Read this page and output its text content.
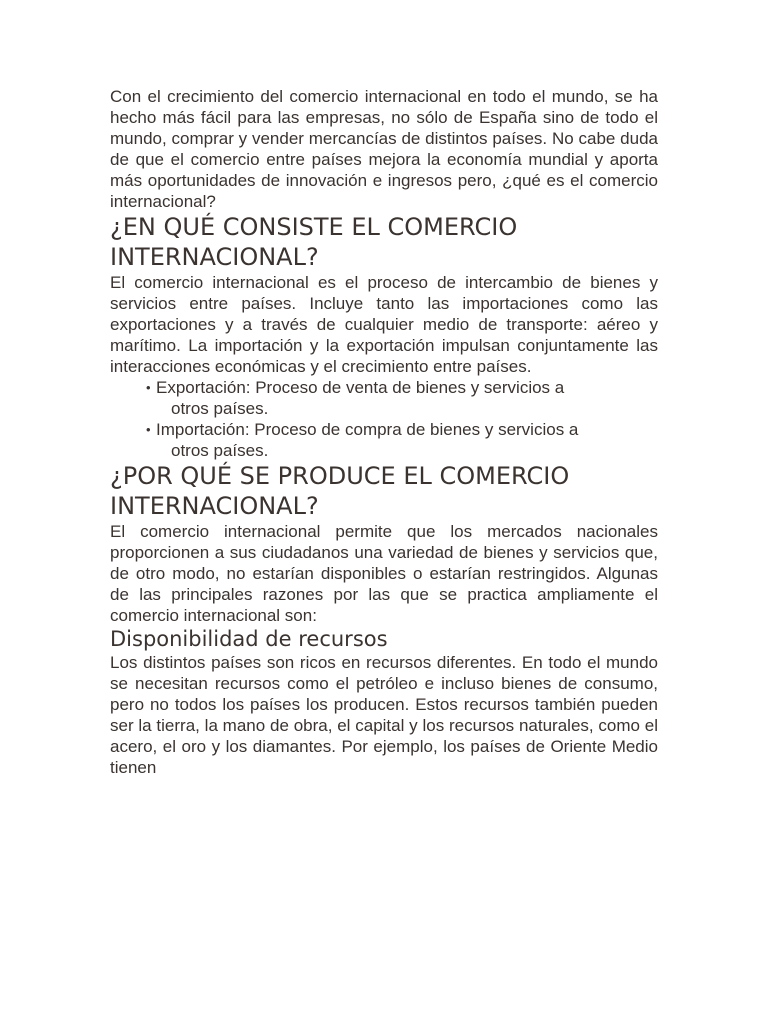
Con el crecimiento del comercio internacional en todo el mundo, se ha hecho más fácil para las empresas, no sólo de España sino de todo el mundo, comprar y vender mercancías de distintos países. No cabe duda de que el comercio entre países mejora la economía mundial y aporta más oportunidades de innovación e ingresos pero, ¿qué es el comercio internacional?

¿EN QUÉ CONSISTE EL COMERCIO INTERNACIONAL?

El comercio internacional es el proceso de intercambio de bienes y servicios entre países. Incluye tanto las importaciones como las exportaciones y a través de cualquier medio de transporte: aéreo y marítimo. La importación y la exportación impulsan conjuntamente las interacciones económicas y el crecimiento entre países.

• Exportación: Proceso de venta de bienes y servicios a
otros países.
• Importación: Proceso de compra de bienes y servicios a
otros países.
¿POR QUÉ SE PRODUCE EL COMERCIO INTERNACIONAL?

El comercio internacional permite que los mercados nacionales proporcionen a sus ciudadanos una variedad de bienes y servicios que, de otro modo, no estarían disponibles o estarían restringidos. Algunas de las principales razones por las que se practica ampliamente el comercio internacional son:

Disponibilidad de recursos

Los distintos países son ricos en recursos diferentes. En todo el mundo se necesitan recursos como el petróleo e incluso bienes de consumo, pero no todos los países los producen. Estos recursos también pueden ser la tierra, la mano de obra, el capital y los recursos naturales, como el acero, el oro y los diamantes. Por ejemplo, los países de Oriente Medio tienen
